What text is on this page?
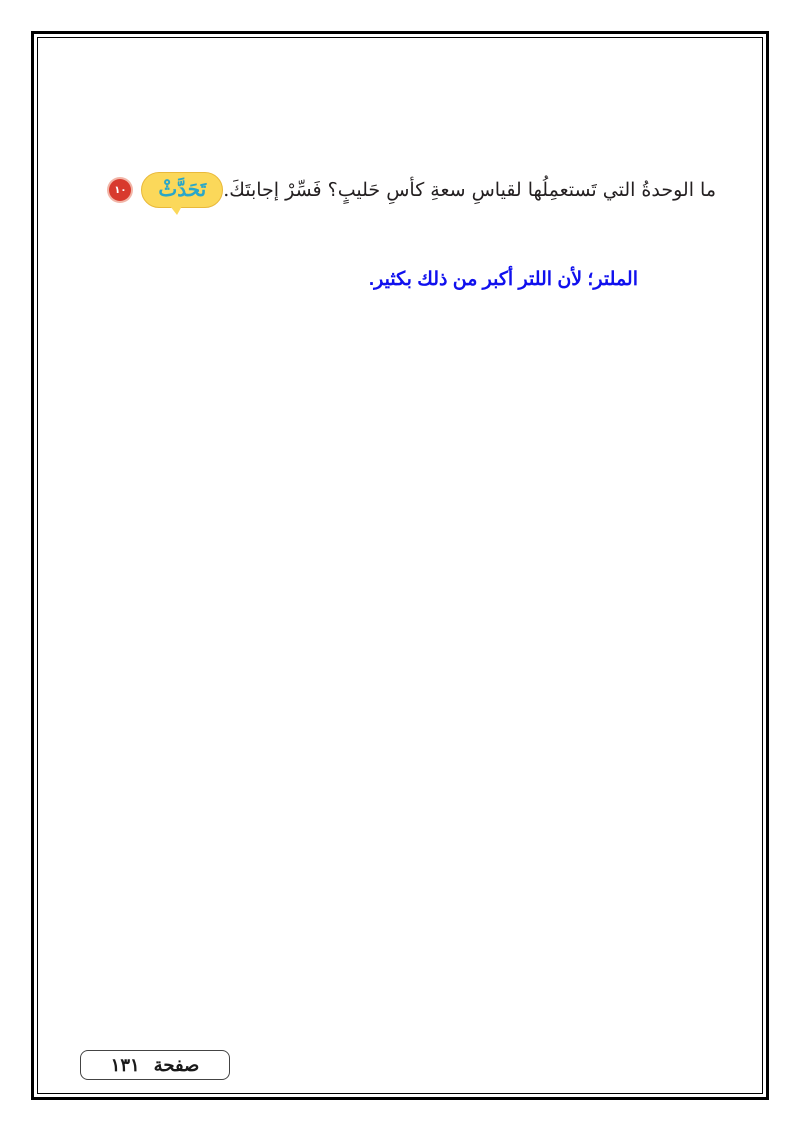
١٠	تَحَدَّثْ ما الوحدةُ التي تَستعمِلُها لقياسِ سعةِ كأسِ حَليبٍ؟ فَسِّرْ إجابتَكَ.
الملتر؛ لأن اللتر أكبر من ذلك بكثير.
صفحة
١٣١
